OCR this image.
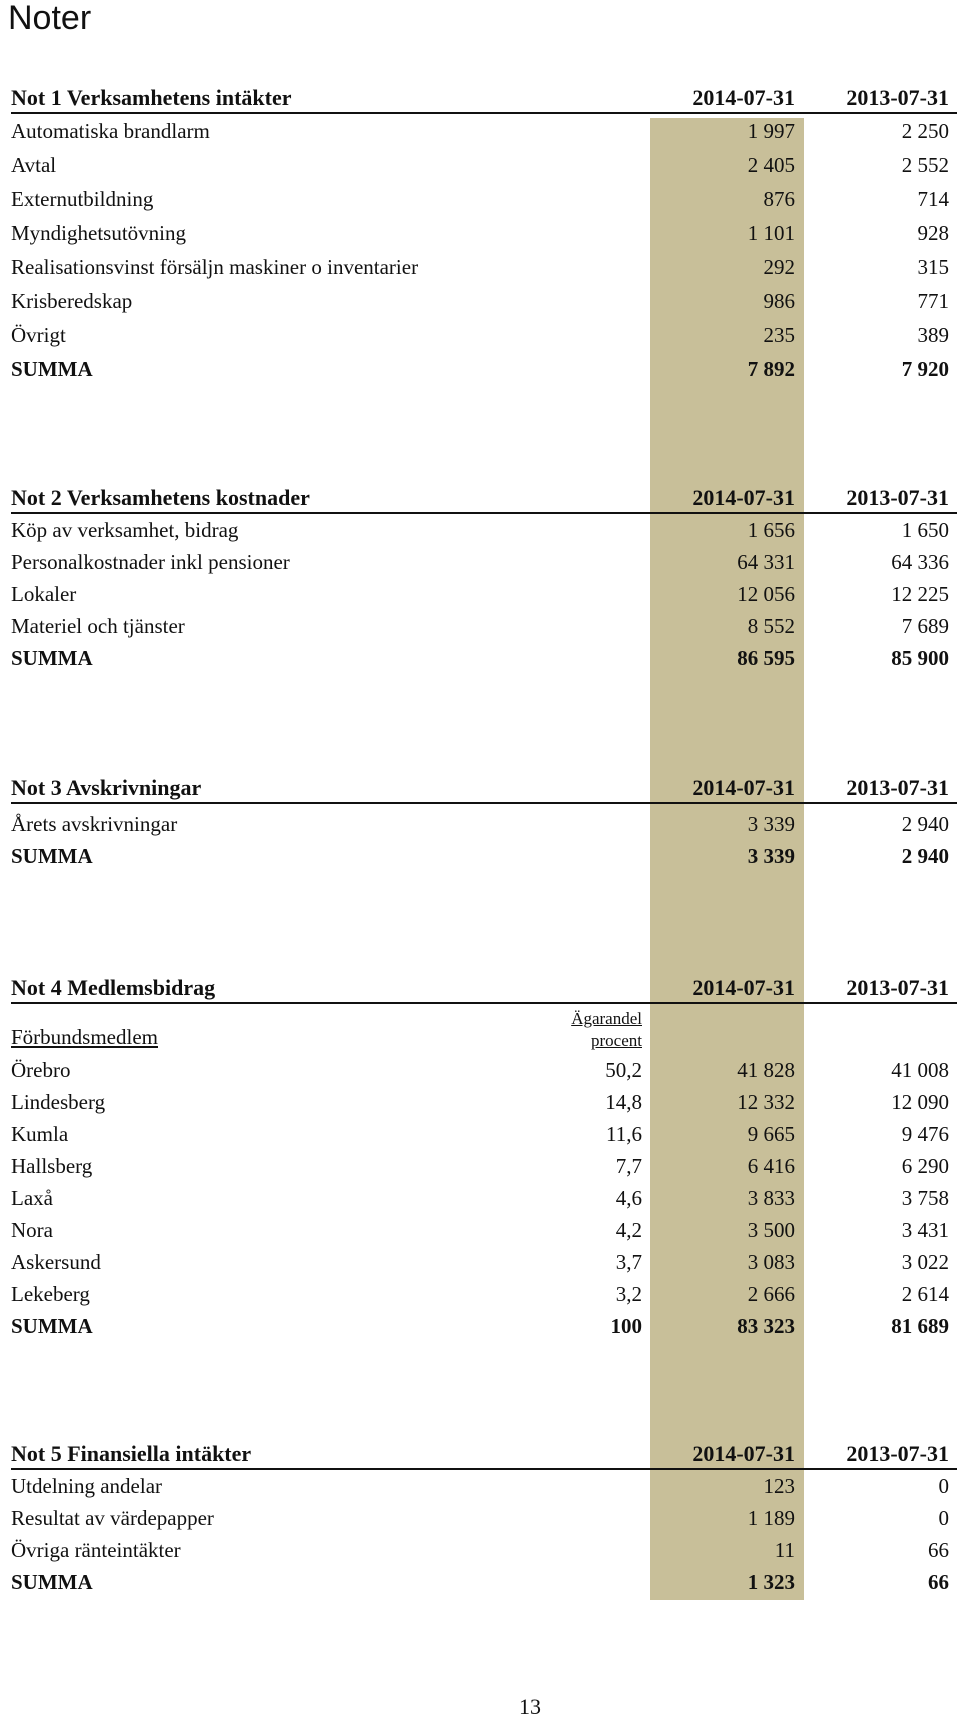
Noter
Not 1 Verksamhetens intäkter	2014-07-31 2013-07-31
Automatiska brandlarm	1 997	2 250
Avtal	2 405	2 552
Externutbildning	876	714
Myndighetsutövning	1 101	928
Realisationsvinst försäljn maskiner o inventarier	292	315
Krisberedskap	986	771
Övrigt	235	389
SUMMA	7 892	7 920
Not 2 Verksamhetens kostnader	2014-07-31 2013-07-31
Köp av verksamhet, bidrag	1 656	1 650
Personalkostnader inkl pensioner	64 331	64 336
Lokaler	12 056	12 225
Materiel och tjänster	8 552	7 689
SUMMA	86 595	85 900
Not 3 Avskrivningar	2014-07-31 2013-07-31
Årets avskrivningar	3 339	2 940
SUMMA	3 339	2 940
Not 4 Medlemsbidrag	2014-07-31 2013-07-31
Förbundsmedlem
Ägarandel
procent
Örebro	50,2	41 828	41 008
Lindesberg	14,8	12 332	12 090
Kumla	11,6	9 665	9 476
Hallsberg	7,7	6 416	6 290
Laxå	4,6	3 833	3 758
Nora	4,2	3 500	3 431
Askersund	3,7	3 083	3 022
Lekeberg	3,2	2 666	2 614
SUMMA	100	83 323	81 689
Not 5 Finansiella intäkter	2014-07-31 2013-07-31
Utdelning andelar	123	0
Resultat av värdepapper	1 189	0
Övriga ränteintäkter	11	66
SUMMA	1 323	66
13
